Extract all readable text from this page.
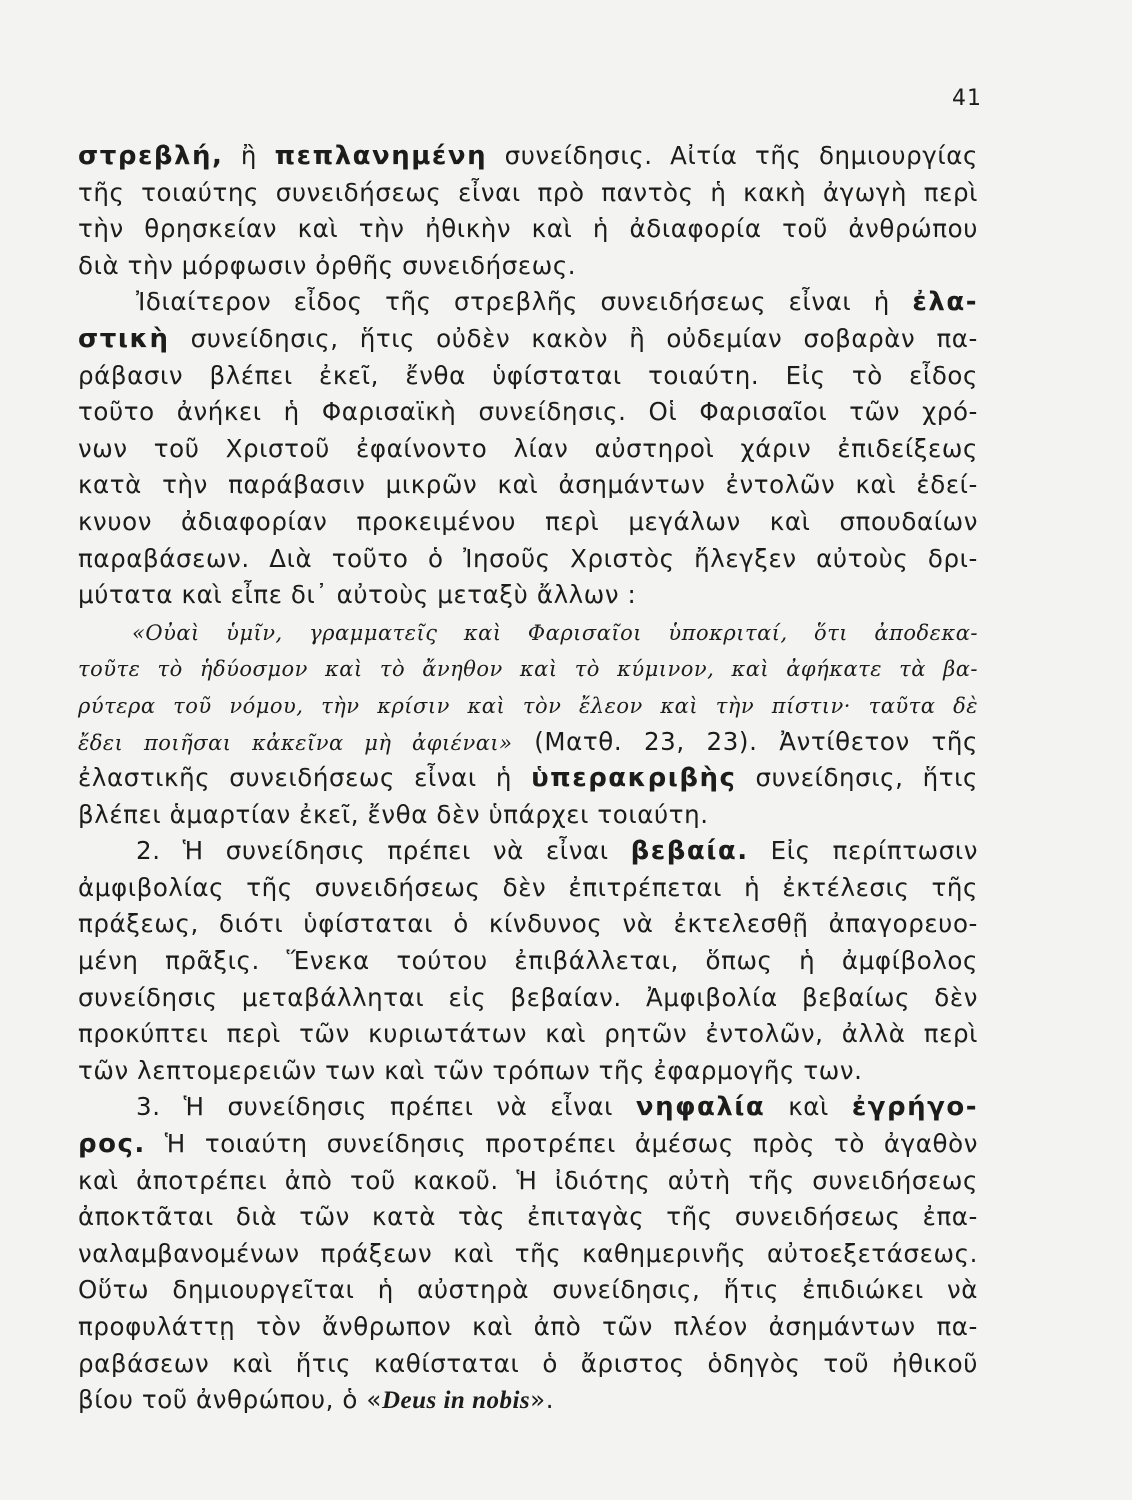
41
στρεβλή, ἢ πεπλανημένη συνείδησις. Αἰτία τῆς δημιουργίας
τῆς τοιαύτης συνειδήσεως εἶναι πρὸ παντὸς ἡ κακὴ ἀγωγὴ περὶ
τὴν θρησκείαν καὶ τὴν ἠθικὴν καὶ ἡ ἀδιαφορία τοῦ ἀνθρώπου
διὰ τὴν μόρφωσιν ὀρθῆς συνειδήσεως.
Ἰδιαίτερον εἶδος τῆς στρεβλῆς συνειδήσεως εἶναι ἡ ἐλα-
στικὴ συνείδησις, ἥτις οὐδὲν κακὸν ἢ οὐδεμίαν σοβαρὰν πα-
ράβασιν βλέπει ἐκεῖ, ἔνθα ὑφίσταται τοιαύτη. Εἰς τὸ εἶδος
τοῦτο ἀνήκει ἡ Φαρισαϊκὴ συνείδησις. Οἱ Φαρισαῖοι τῶν χρό-
νων τοῦ Χριστοῦ ἐφαίνοντο λίαν αὐστηροὶ χάριν ἐπιδείξεως
κατὰ τὴν παράβασιν μικρῶν καὶ ἀσημάντων ἐντολῶν καὶ ἐδεί-
κνυον ἀδιαφορίαν προκειμένου περὶ μεγάλων καὶ σπουδαίων
παραβάσεων. Διὰ τοῦτο ὁ Ἰησοῦς Χριστὸς ἤλεγξεν αὐτοὺς δρι-
μύτατα καὶ εἶπε δι᾿ αὐτοὺς μεταξὺ ἄλλων :
«Οὐαὶ ὑμῖν, γραμματεῖς καὶ Φαρισαῖοι ὑποκριταί, ὅτι ἀποδεκα-
τοῦτε τὸ ἡδύοσμον καὶ τὸ ἄνηθον καὶ τὸ κύμινον, καὶ ἀφήκατε τὰ βα-
ρύτερα τοῦ νόμου, τὴν κρίσιν καὶ τὸν ἔλεον καὶ τὴν πίστιν· ταῦτα δὲ
ἔδει ποιῆσαι κἀκεῖνα μὴ ἀφιέναι» (Ματθ. 23, 23). Ἀντίθετον τῆς
ἐλαστικῆς συνειδήσεως εἶναι ἡ ὑπερακριβὴς συνείδησις, ἥτις
βλέπει ἁμαρτίαν ἐκεῖ, ἔνθα δὲν ὑπάρχει τοιαύτη.
2. Ἡ συνείδησις πρέπει νὰ εἶναι βεβαία. Εἰς περίπτωσιν
ἀμφιβολίας τῆς συνειδήσεως δὲν ἐπιτρέπεται ἡ ἐκτέλεσις τῆς
πράξεως, διότι ὑφίσταται ὁ κίνδυνος νὰ ἐκτελεσθῇ ἀπαγορευο-
μένη πρᾶξις. Ἕνεκα τούτου ἐπιβάλλεται, ὅπως ἡ ἀμφίβολος
συνείδησις μεταβάλληται εἰς βεβαίαν. Ἀμφιβολία βεβαίως δὲν
προκύπτει περὶ τῶν κυριωτάτων καὶ ρητῶν ἐντολῶν, ἀλλὰ περὶ
τῶν λεπτομερειῶν των καὶ τῶν τρόπων τῆς ἐφαρμογῆς των.
3. Ἡ συνείδησις πρέπει νὰ εἶναι νηφαλία καὶ ἐγρήγο-
ρος. Ἡ τοιαύτη συνείδησις προτρέπει ἀμέσως πρὸς τὸ ἀγαθὸν
καὶ ἀποτρέπει ἀπὸ τοῦ κακοῦ. Ἡ ἰδιότης αὐτὴ τῆς συνειδήσεως
ἀποκτᾶται διὰ τῶν κατὰ τὰς ἐπιταγὰς τῆς συνειδήσεως ἐπα-
ναλαμβανομένων πράξεων καὶ τῆς καθημερινῆς αὐτοεξετάσεως.
Οὕτω δημιουργεῖται ἡ αὐστηρὰ συνείδησις, ἥτις ἐπιδιώκει νὰ
προφυλάττῃ τὸν ἄνθρωπον καὶ ἀπὸ τῶν πλέον ἀσημάντων πα-
ραβάσεων καὶ ἥτις καθίσταται ὁ ἄριστος ὁδηγὸς τοῦ ἠθικοῦ
βίου τοῦ ἀνθρώπου, ὁ «Deus in nobis».
